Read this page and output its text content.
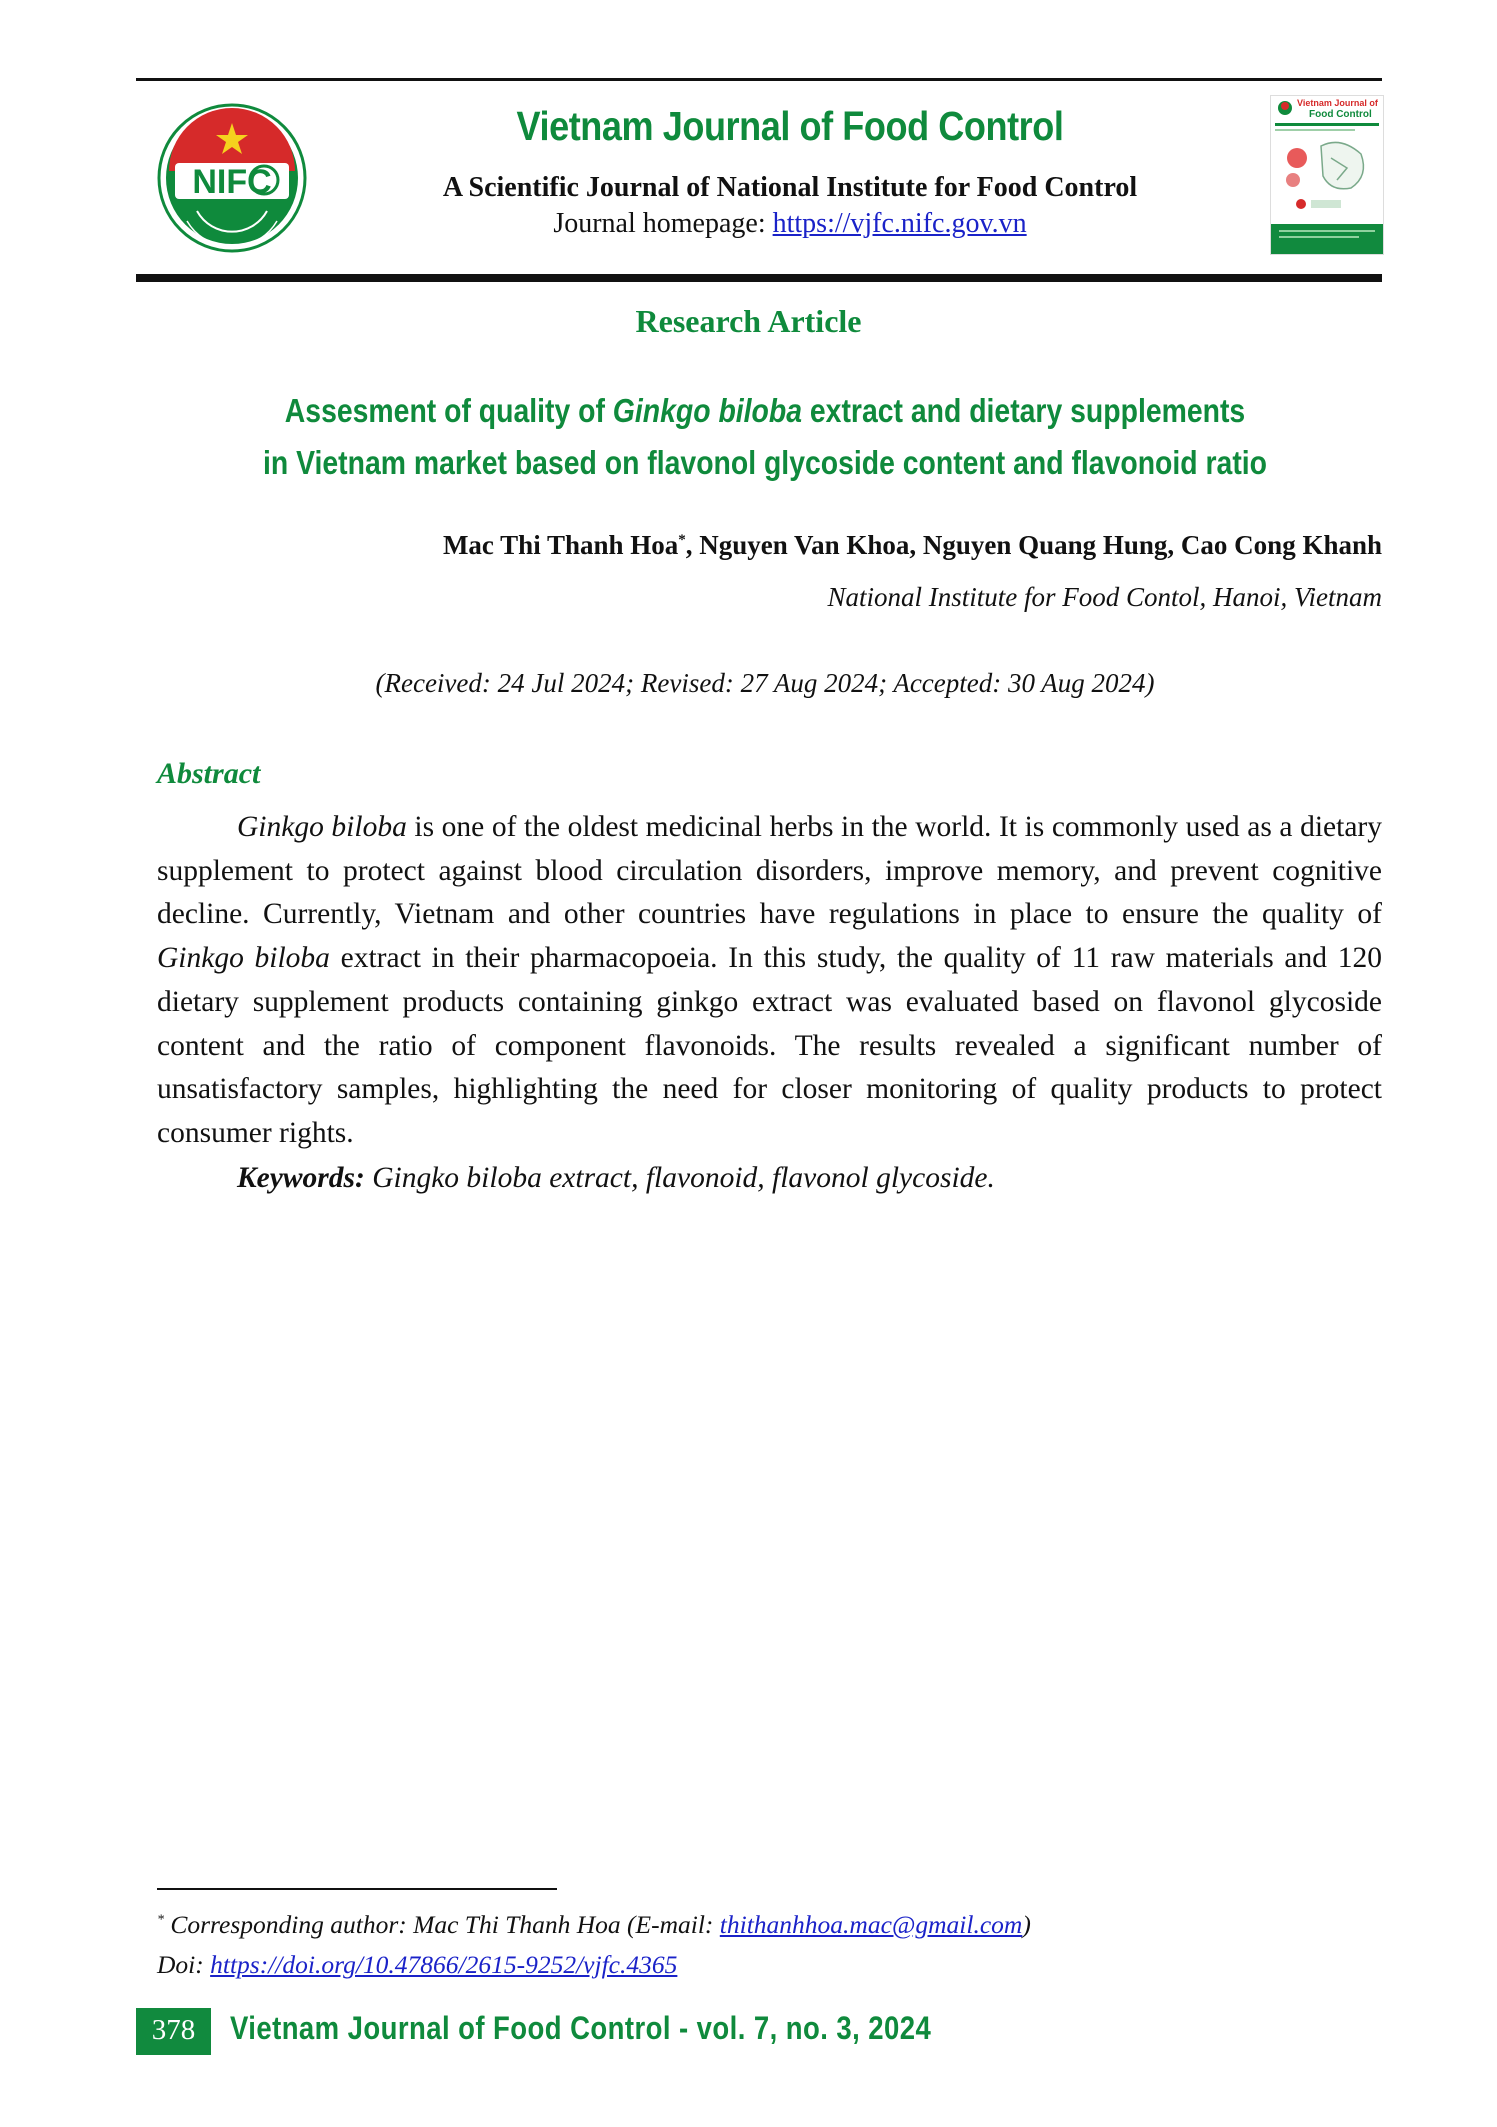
NIFC
Vietnam Journal of Food Control
A Scientific Journal of National Institute for Food Control
Journal homepage: https://vjfc.nifc.gov.vn
Vietnam Journal of
Food Control
Research Article
Assesment of quality of Ginkgo biloba extract and dietary supplements
in Vietnam market based on flavonol glycoside content and flavonoid ratio
Mac Thi Thanh Hoa*, Nguyen Van Khoa, Nguyen Quang Hung, Cao Cong Khanh
National Institute for Food Contol, Hanoi, Vietnam
(Received: 24 Jul 2024; Revised: 27 Aug 2024; Accepted: 30 Aug 2024)
Abstract

Ginkgo biloba is one of the oldest medicinal herbs in the world. It is commonly used as a dietary supplement to protect against blood circulation disorders, improve memory, and prevent cognitive decline. Currently, Vietnam and other countries have regulations in place to ensure the quality of Ginkgo biloba extract in their pharmacopoeia. In this study, the quality of 11 raw materials and 120 dietary supplement products containing ginkgo extract was evaluated based on flavonol glycoside content and the ratio of component flavonoids. The results revealed a significant number of unsatisfactory samples, highlighting the need for closer monitoring of quality products to protect consumer rights.

Keywords: Gingko biloba extract, flavonoid, flavonol glycoside.
* Corresponding author: Mac Thi Thanh Hoa (E-mail: thithanhhoa.mac@gmail.com)
Doi: https://doi.org/10.47866/2615-9252/vjfc.4365
378	Vietnam Journal of Food Control - vol. 7, no. 3, 2024
